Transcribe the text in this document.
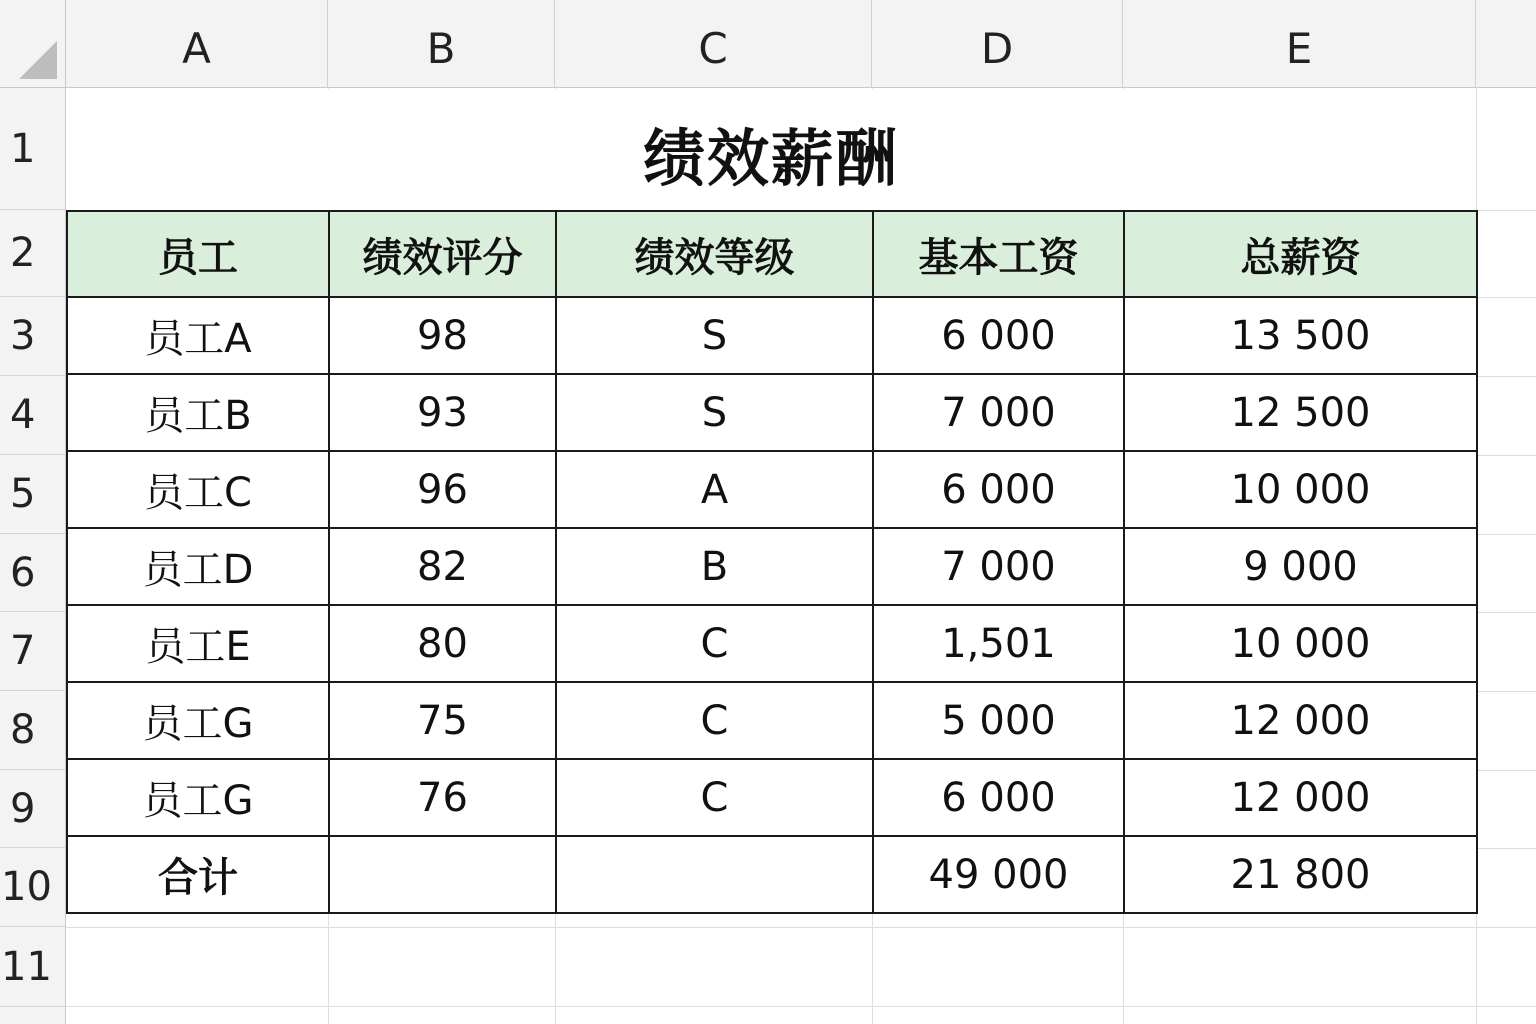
A	B	C	D	E
1
2
3
4
5
6
7
8
9
10
11
绩效薪酬
员工	绩效评分	绩效等级	基本工资	总薪资
员工A	98	S	6 000	13 500
员工B	93	S	7 000	12 500
员工C	96	A	6 000	10 000
员工D	82	B	7 000	9 000
员工E	80	C	1,501	10 000
员工G	75	C	5 000	12 000
员工G	76	C	6 000	12 000
合计			49 000	21 800
